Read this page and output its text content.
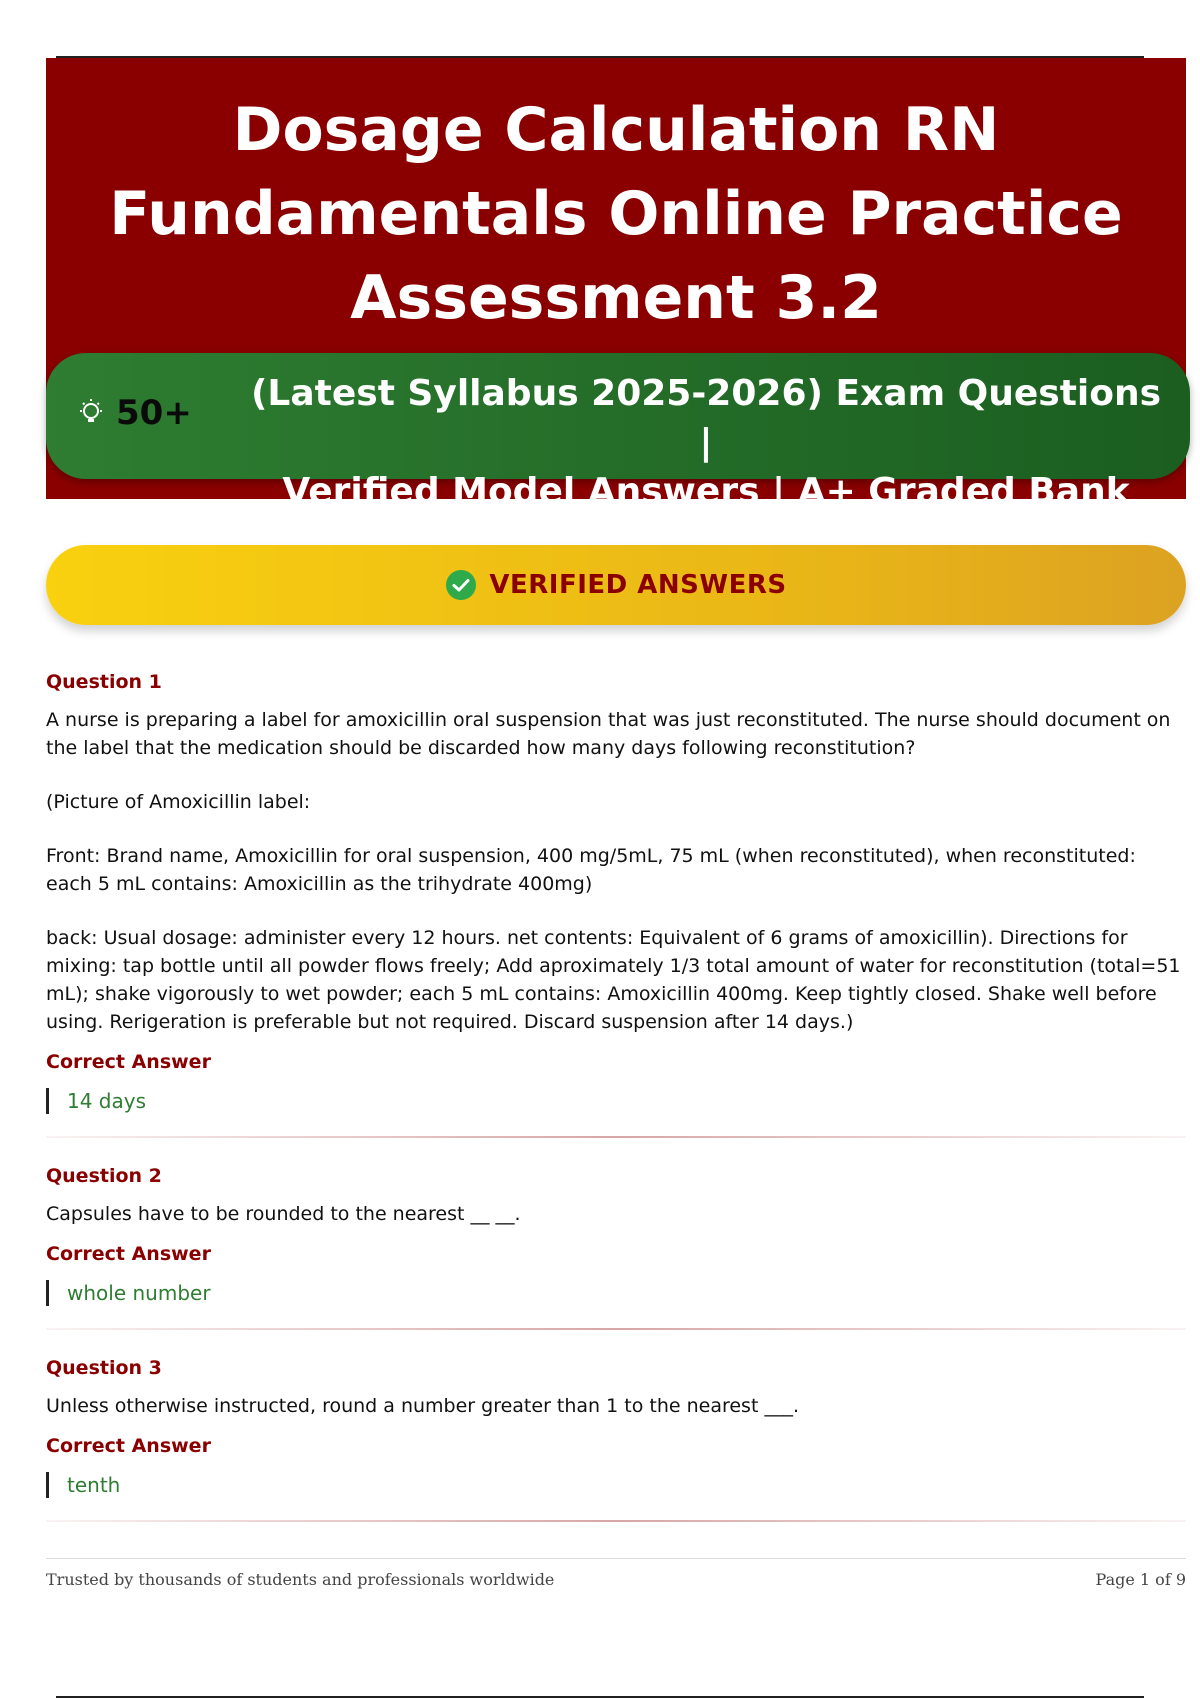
Dosage Calculation RN
Fundamentals Online Practice
Assessment 3.2
50+ (Latest Syllabus 2025-2026) Exam Questions |
Verified Model Answers | A+ Graded Bank
VERIFIED ANSWERS
Question 1

A nurse is preparing a label for amoxicillin oral suspension that was just reconstituted. The nurse should document on the label that the medication should be discarded how many days following reconstitution?

(Picture of Amoxicillin label:

Front: Brand name, Amoxicillin for oral suspension, 400 mg/5mL, 75 mL (when reconstituted), when reconstituted: each 5 mL contains: Amoxicillin as the trihydrate 400mg)

back: Usual dosage: administer every 12 hours. net contents: Equivalent of 6 grams of amoxicillin). Directions for mixing: tap bottle until all powder flows freely; Add aproximately 1/3 total amount of water for reconstitution (total=51 mL); shake vigorously to wet powder; each 5 mL contains: Amoxicillin 400mg. Keep tightly closed. Shake well before using. Rerigeration is preferable but not required. Discard suspension after 14 days.)

Correct Answer
14 days
Question 2

Capsules have to be rounded to the nearest __ __.

Correct Answer
whole number
Question 3

Unless otherwise instructed, round a number greater than 1 to the nearest ___.

Correct Answer
tenth
Trusted by thousands of students and professionals worldwide	Page 1 of 9
